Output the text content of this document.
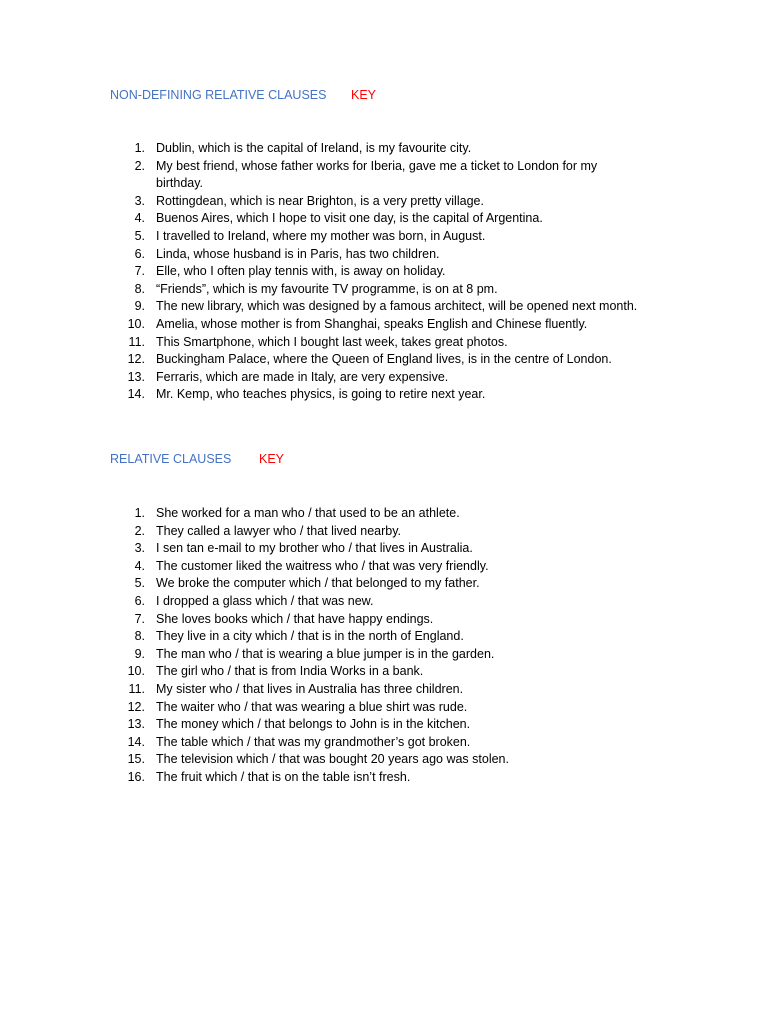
NON-DEFINING RELATIVE CLAUSES KEY
1. Dublin, which is the capital of Ireland, is my favourite city.
2. My best friend, whose father works for Iberia, gave me a ticket to London for my birthday.
3. Rottingdean, which is near Brighton, is a very pretty village.
4. Buenos Aires, which I hope to visit one day, is the capital of Argentina.
5. I travelled to Ireland, where my mother was born, in August.
6. Linda, whose husband is in Paris, has two children.
7. Elle, who I often play tennis with, is away on holiday.
8. “Friends”, which is my favourite TV programme, is on at 8 pm.
9. The new library, which was designed by a famous architect, will be opened next month.
10. Amelia, whose mother is from Shanghai, speaks English and Chinese fluently.
11. This Smartphone, which I bought last week, takes great photos.
12. Buckingham Palace, where the Queen of England lives, is in the centre of London.
13. Ferraris, which are made in Italy, are very expensive.
14. Mr. Kemp, who teaches physics, is going to retire next year.
RELATIVE CLAUSES KEY
1. She worked for a man who / that used to be an athlete.
2. They called a lawyer who / that lived nearby.
3. I sen tan e-mail to my brother who / that lives in Australia.
4. The customer liked the waitress who / that was very friendly.
5. We broke the computer which / that belonged to my father.
6. I dropped a glass which / that was new.
7. She loves books which / that have happy endings.
8. They live in a city which / that is in the north of England.
9. The man who / that is wearing a blue jumper is in the garden.
10. The girl who / that is from India Works in a bank.
11. My sister who / that lives in Australia has three children.
12. The waiter who / that was wearing a blue shirt was rude.
13. The money which / that belongs to John is in the kitchen.
14. The table which / that was my grandmother’s got broken.
15. The television which / that was bought 20 years ago was stolen.
16. The fruit which / that is on the table isn’t fresh.
